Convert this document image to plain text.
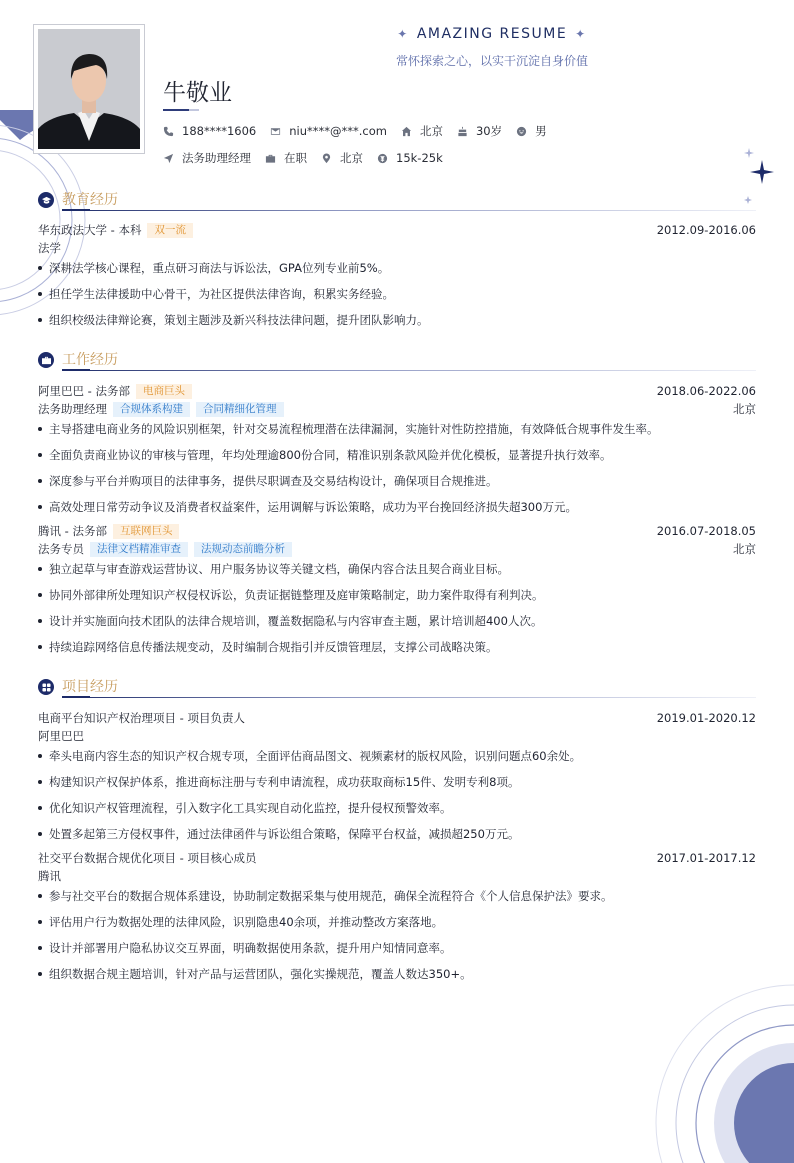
✦ AMAZING RESUME ✦
常怀探索之心，以实干沉淀自身价值
牛敬业
188****1606	niu****@***.com	北京	30岁	男
法务助理经理	在职	北京	15k-25k
教育经历
华东政法大学 - 本科	双一流	2012.09-2016.06
法学
深耕法学核心课程，重点研习商法与诉讼法，GPA位列专业前5%。
担任学生法律援助中心骨干，为社区提供法律咨询，积累实务经验。
组织校级法律辩论赛，策划主题涉及新兴科技法律问题，提升团队影响力。
工作经历
阿里巴巴 - 法务部	电商巨头	2018.06-2022.06
法务助理经理	合规体系构建	合同精细化管理	北京
主导搭建电商业务的风险识别框架，针对交易流程梳理潜在法律漏洞，实施针对性防控措施，有效降低合规事件发生率。
全面负责商业协议的审核与管理，年均处理逾800份合同，精准识别条款风险并优化模板，显著提升执行效率。
深度参与平台并购项目的法律事务，提供尽职调查及交易结构设计，确保项目合规推进。
高效处理日常劳动争议及消费者权益案件，运用调解与诉讼策略，成功为平台挽回经济损失超300万元。
腾讯 - 法务部	互联网巨头	2016.07-2018.05
法务专员	法律文档精准审查	法规动态前瞻分析	北京
独立起草与审查游戏运营协议、用户服务协议等关键文档，确保内容合法且契合商业目标。
协同外部律所处理知识产权侵权诉讼，负责证据链整理及庭审策略制定，助力案件取得有利判决。
设计并实施面向技术团队的法律合规培训，覆盖数据隐私与内容审查主题，累计培训超400人次。
持续追踪网络信息传播法规变动，及时编制合规指引并反馈管理层，支撑公司战略决策。
项目经历
电商平台知识产权治理项目 - 项目负责人	2019.01-2020.12
阿里巴巴
牵头电商内容生态的知识产权合规专项，全面评估商品图文、视频素材的版权风险，识别问题点60余处。
构建知识产权保护体系，推进商标注册与专利申请流程，成功获取商标15件、发明专利8项。
优化知识产权管理流程，引入数字化工具实现自动化监控，提升侵权预警效率。
处置多起第三方侵权事件，通过法律函件与诉讼组合策略，保障平台权益，减损超250万元。
社交平台数据合规优化项目 - 项目核心成员	2017.01-2017.12
腾讯
参与社交平台的数据合规体系建设，协助制定数据采集与使用规范，确保全流程符合《个人信息保护法》要求。
评估用户行为数据处理的法律风险，识别隐患40余项，并推动整改方案落地。
设计并部署用户隐私协议交互界面，明确数据使用条款，提升用户知情同意率。
组织数据合规主题培训，针对产品与运营团队，强化实操规范，覆盖人数达350+。
